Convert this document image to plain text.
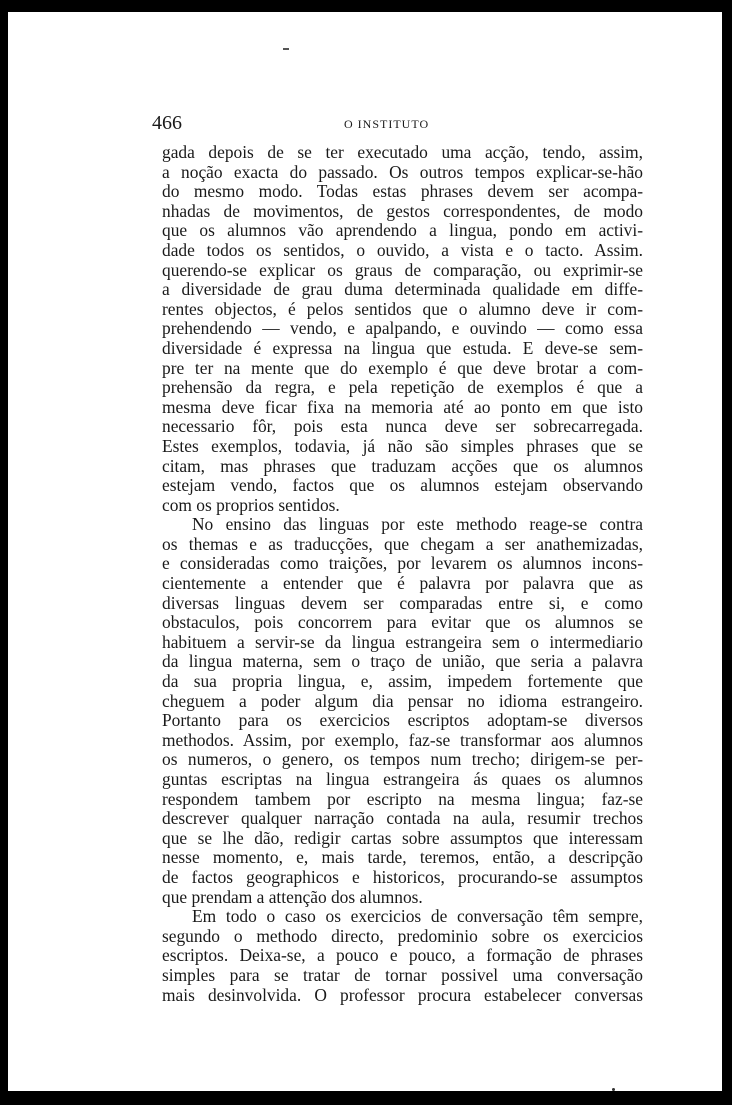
466	O INSTITUTO
gada depois de se ter executado uma acção, tendo, assim,
a noção exacta do passado. Os outros tempos explicar-se-hão
do mesmo modo. Todas estas phrases devem ser acompa-
nhadas de movimentos, de gestos correspondentes, de modo
que os alumnos vão aprendendo a lingua, pondo em activi-
dade todos os sentidos, o ouvido, a vista e o tacto. Assim.
querendo-se explicar os graus de comparação, ou exprimir-se
a diversidade de grau duma determinada qualidade em diffe-
rentes objectos, é pelos sentidos que o alumno deve ir com-
prehendendo — vendo, e apalpando, e ouvindo — como essa
diversidade é expressa na lingua que estuda. E deve-se sem-
pre ter na mente que do exemplo é que deve brotar a com-
prehensão da regra, e pela repetição de exemplos é que a
mesma deve ficar fixa na memoria até ao ponto em que isto
necessario fôr, pois esta nunca deve ser sobrecarregada.
Estes exemplos, todavia, já não são simples phrases que se
citam, mas phrases que traduzam acções que os alumnos
estejam vendo, factos que os alumnos estejam observando
com os proprios sentidos.
No ensino das linguas por este methodo reage-se contra
os themas e as traducções, que chegam a ser anathemizadas,
e consideradas como traições, por levarem os alumnos incons-
cientemente a entender que é palavra por palavra que as
diversas linguas devem ser comparadas entre si, e como
obstaculos, pois concorrem para evitar que os alumnos se
habituem a servir-se da lingua estrangeira sem o intermediario
da lingua materna, sem o traço de união, que seria a palavra
da sua propria lingua, e, assim, impedem fortemente que
cheguem a poder algum dia pensar no idioma estrangeiro.
Portanto para os exercicios escriptos adoptam-se diversos
methodos. Assim, por exemplo, faz-se transformar aos alumnos
os numeros, o genero, os tempos num trecho; dirigem-se per-
guntas escriptas na lingua estrangeira ás quaes os alumnos
respondem tambem por escripto na mesma lingua; faz-se
descrever qualquer narração contada na aula, resumir trechos
que se lhe dão, redigir cartas sobre assumptos que interessam
nesse momento, e, mais tarde, teremos, então, a descripção
de factos geographicos e historicos, procurando-se assumptos
que prendam a attenção dos alumnos.
Em todo o caso os exercicios de conversação têm sempre,
segundo o methodo directo, predominio sobre os exercicios
escriptos. Deixa-se, a pouco e pouco, a formação de phrases
simples para se tratar de tornar possivel uma conversação
mais desinvolvida. O professor procura estabelecer conversas
